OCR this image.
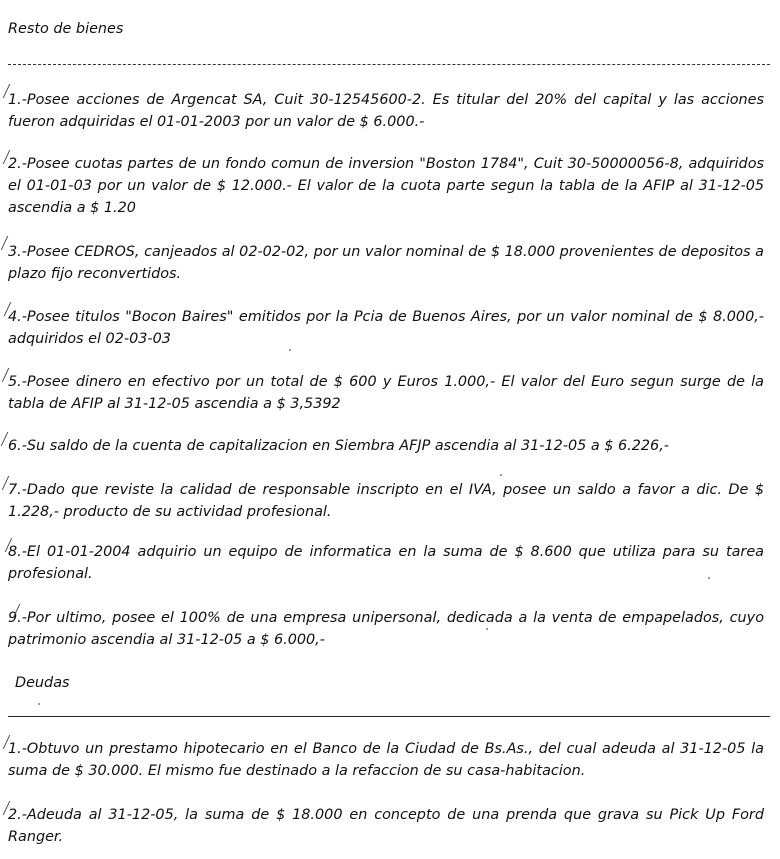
Resto de bienes

1.-Posee acciones de Argencat SA, Cuit 30-12545600-2. Es titular del 20% del capital y las acciones fueron adquiridas el 01-01-2003 por un valor de $ 6.000.-

2.-Posee cuotas partes de un fondo comun de inversion "Boston 1784", Cuit 30-50000056-8, adquiridos el 01-01-03 por un valor de $ 12.000.- El valor de la cuota parte segun la tabla de la AFIP al 31-12-05 ascendia a $ 1.20

3.-Posee CEDROS, canjeados al 02-02-02, por un valor nominal de $ 18.000 provenientes de depositos a plazo fijo reconvertidos.

4.-Posee titulos "Bocon Baires" emitidos por la Pcia de Buenos Aires, por un valor nominal de $ 8.000,- adquiridos el 02-03-03

5.-Posee dinero en efectivo por un total de $ 600 y Euros 1.000,- El valor del Euro segun surge de la tabla de AFIP al 31-12-05 ascendia a $ 3,5392

6.-Su saldo de la cuenta de capitalizacion en Siembra AFJP ascendia al 31-12-05 a $ 6.226,-

7.-Dado que reviste la calidad de responsable inscripto en el IVA, posee un saldo a favor a dic. De $ 1.228,- producto de su actividad profesional.

8.-El 01-01-2004 adquirio un equipo de informatica en la suma de $ 8.600 que utiliza para su tarea profesional.

9.-Por ultimo, posee el 100% de una empresa unipersonal, dedicada a la venta de empapelados, cuyo patrimonio ascendia al 31-12-05 a $ 6.000,-

Deudas

1.-Obtuvo un prestamo hipotecario en el Banco de la Ciudad de Bs.As., del cual adeuda al 31-12-05 la suma de $ 30.000. El mismo fue destinado a la refaccion de su casa-habitacion.

2.-Adeuda al 31-12-05, la suma de $ 18.000 en concepto de una prenda que grava su Pick Up Ford Ranger.
